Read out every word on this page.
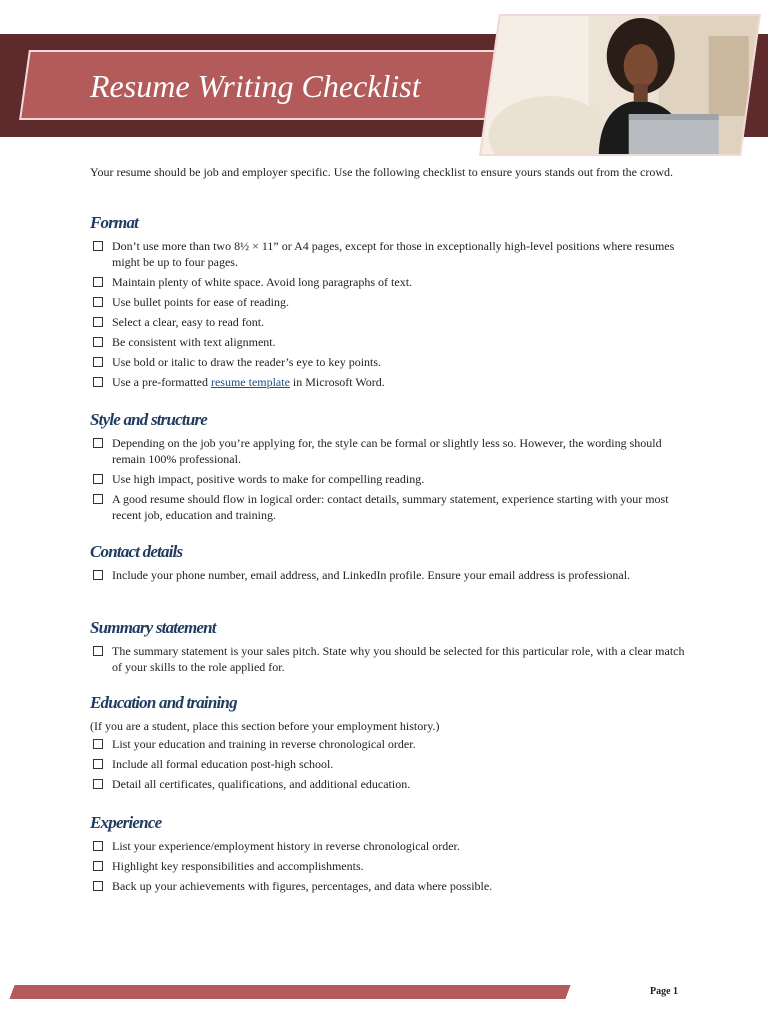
Resume Writing Checklist
Your resume should be job and employer specific. Use the following checklist to ensure yours stands out from the crowd.
Format
Don’t use more than two 8½ × 11” or A4 pages, except for those in exceptionally high-level positions where resumes might be up to four pages.
Maintain plenty of white space. Avoid long paragraphs of text.
Use bullet points for ease of reading.
Select a clear, easy to read font.
Be consistent with text alignment.
Use bold or italic to draw the reader’s eye to key points.
Use a pre-formatted resume template in Microsoft Word.
Style and structure
Depending on the job you’re applying for, the style can be formal or slightly less so. However, the wording should remain 100% professional.
Use high impact, positive words to make for compelling reading.
A good resume should flow in logical order: contact details, summary statement, experience starting with your most recent job, education and training.
Contact details
Include your phone number, email address, and LinkedIn profile. Ensure your email address is professional.
Summary statement
The summary statement is your sales pitch. State why you should be selected for this particular role, with a clear match of your skills to the role applied for.
Education and training
(If you are a student, place this section before your employment history.)
List your education and training in reverse chronological order.
Include all formal education post-high school.
Detail all certificates, qualifications, and additional education.
Experience
List your experience/employment history in reverse chronological order.
Highlight key responsibilities and accomplishments.
Back up your achievements with figures, percentages, and data where possible.
Page 1
